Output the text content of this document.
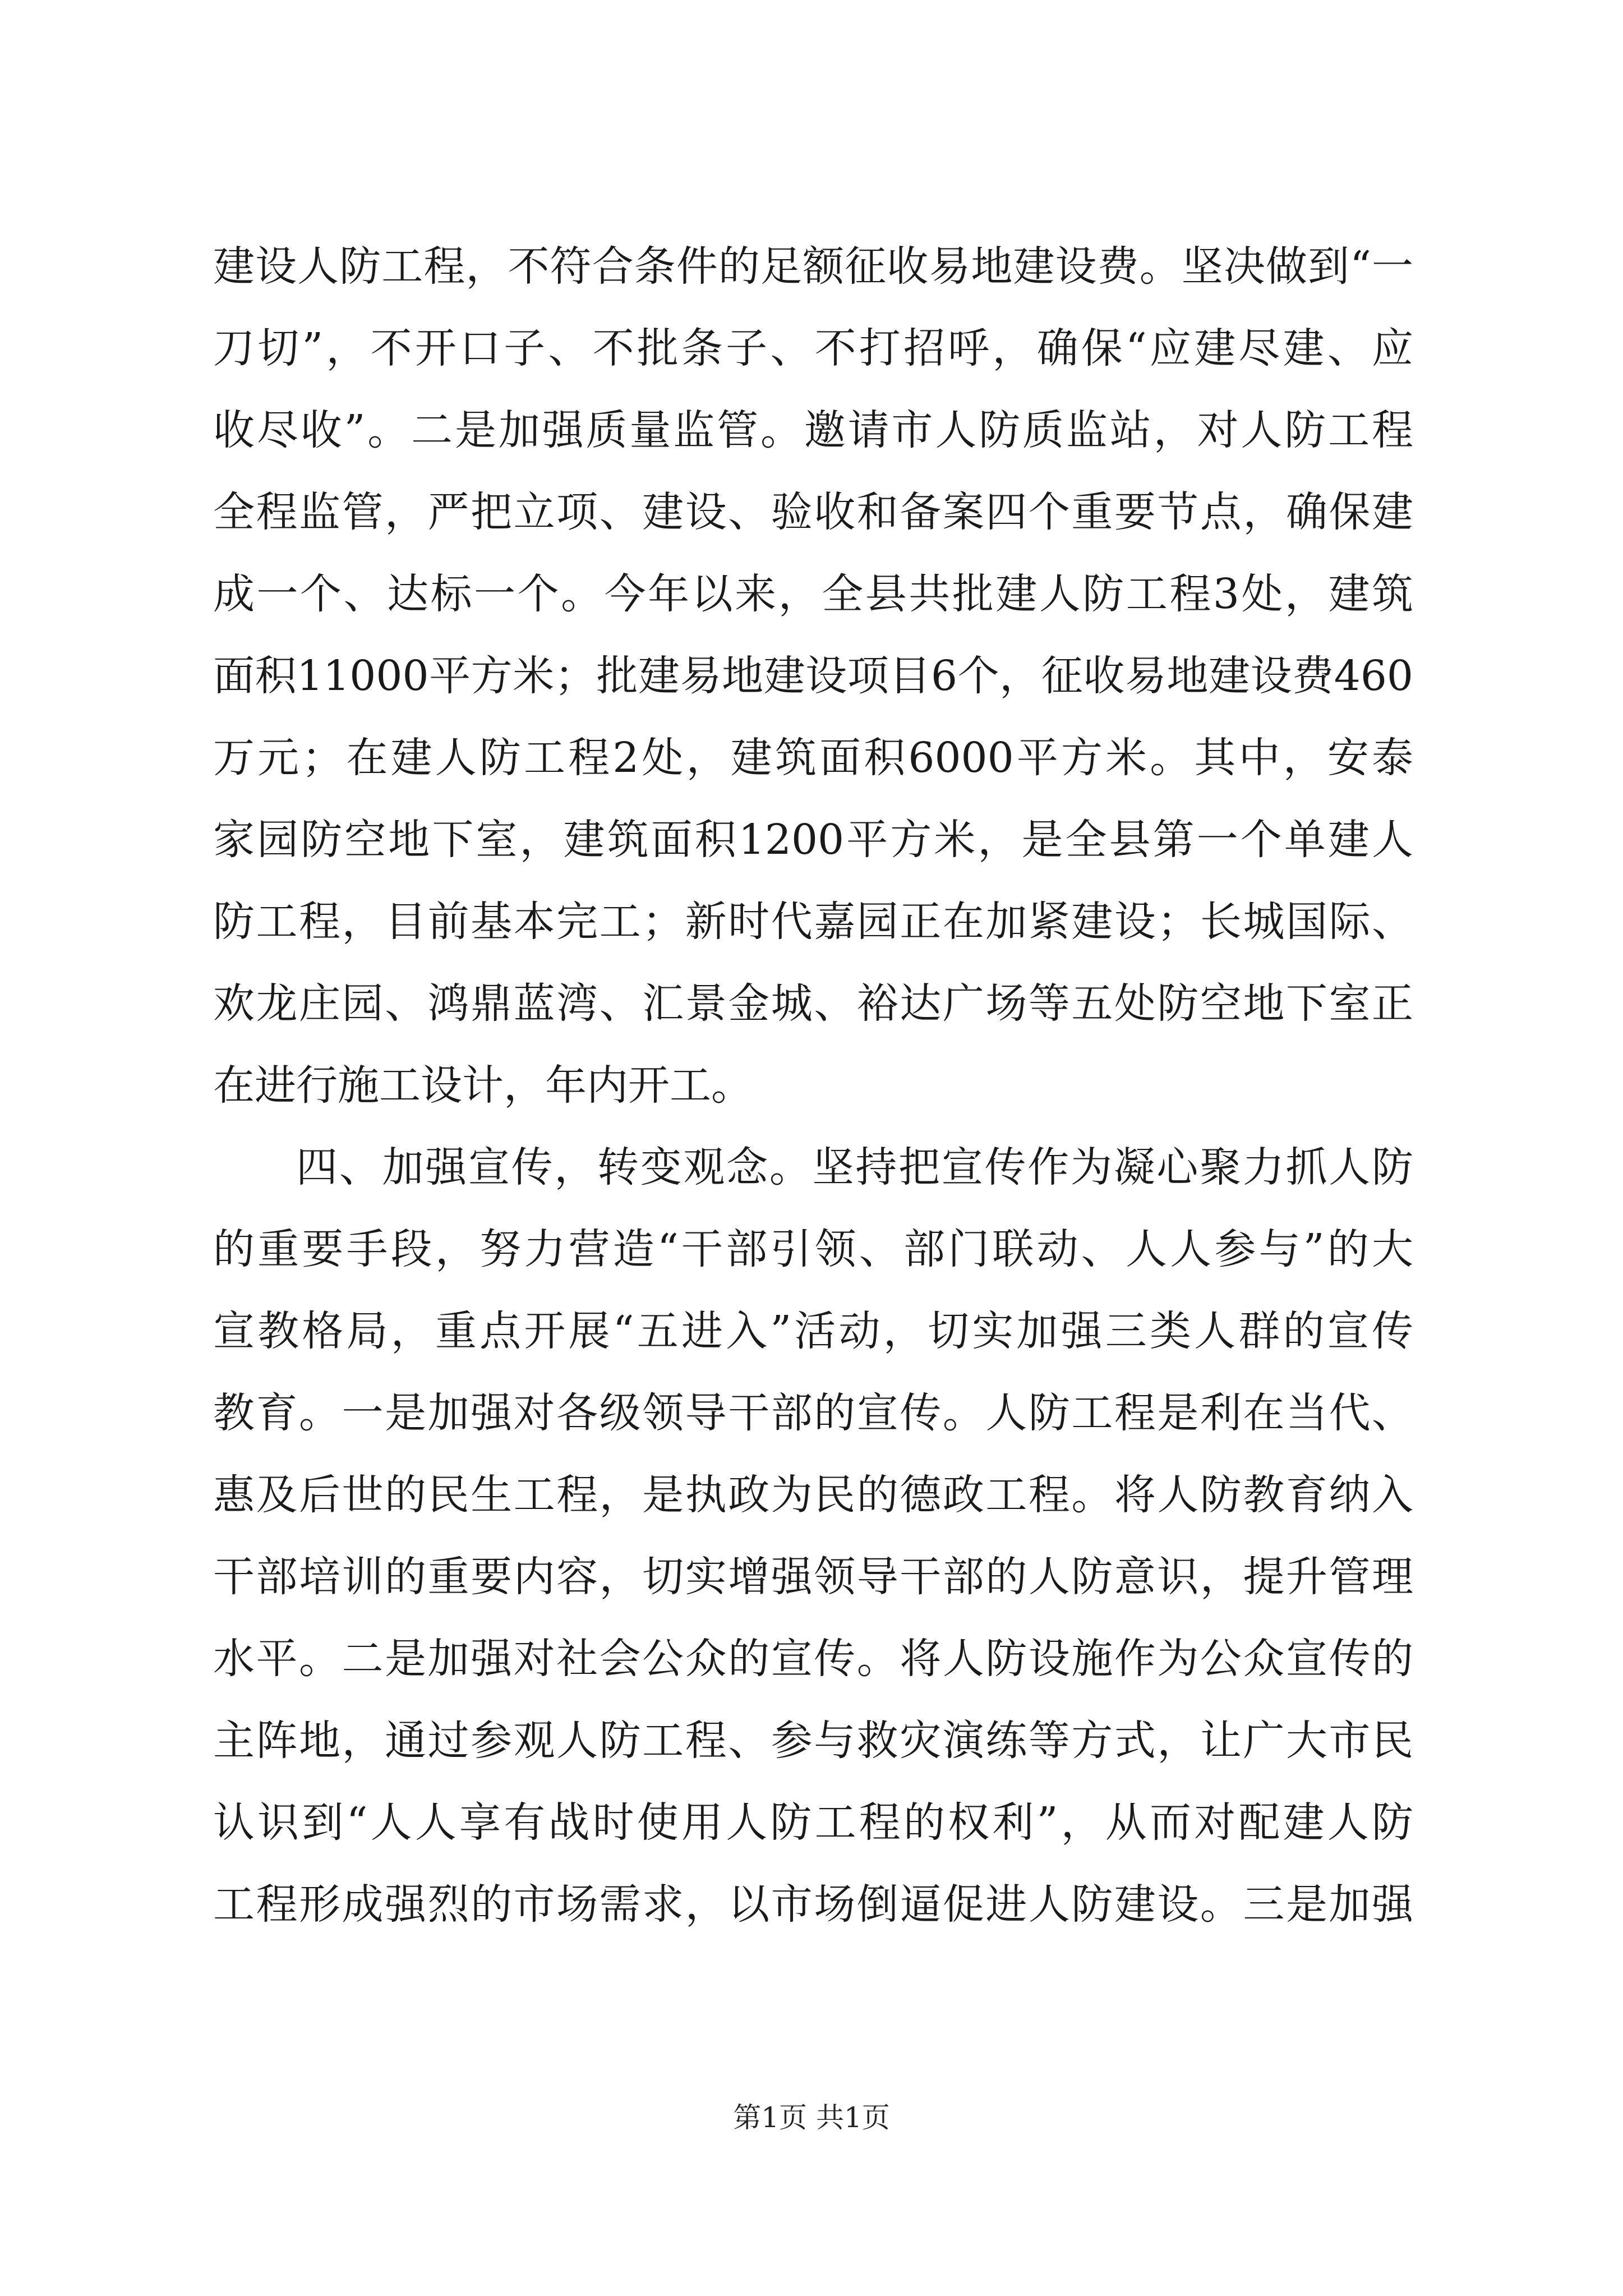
建设人防工程，不符合条件的足额征收易地建设费。坚决做到“一
刀切”，不开口子、不批条子、不打招呼，确保“应建尽建、应
收尽收”。二是加强质量监管。邀请市人防质监站，对人防工程
全程监管，严把立项、建设、验收和备案四个重要节点，确保建
成一个、达标一个。今年以来，全县共批建人防工程3处，建筑
面积11000平方米；批建易地建设项目6个，征收易地建设费460
万元；在建人防工程2处，建筑面积6000平方米。其中，安泰
家园防空地下室，建筑面积1200平方米，是全县第一个单建人
防工程，目前基本完工；新时代嘉园正在加紧建设；长城国际、
欢龙庄园、鸿鼎蓝湾、汇景金城、裕达广场等五处防空地下室正
在进行施工设计，年内开工。
四、加强宣传，转变观念。坚持把宣传作为凝心聚力抓人防
的重要手段，努力营造“干部引领、部门联动、人人参与”的大
宣教格局，重点开展“五进入”活动，切实加强三类人群的宣传
教育。一是加强对各级领导干部的宣传。人防工程是利在当代、
惠及后世的民生工程，是执政为民的德政工程。将人防教育纳入
干部培训的重要内容，切实增强领导干部的人防意识，提升管理
水平。二是加强对社会公众的宣传。将人防设施作为公众宣传的
主阵地，通过参观人防工程、参与救灾演练等方式，让广大市民
认识到“人人享有战时使用人防工程的权利”，从而对配建人防
工程形成强烈的市场需求，以市场倒逼促进人防建设。三是加强
第1页 共1页
